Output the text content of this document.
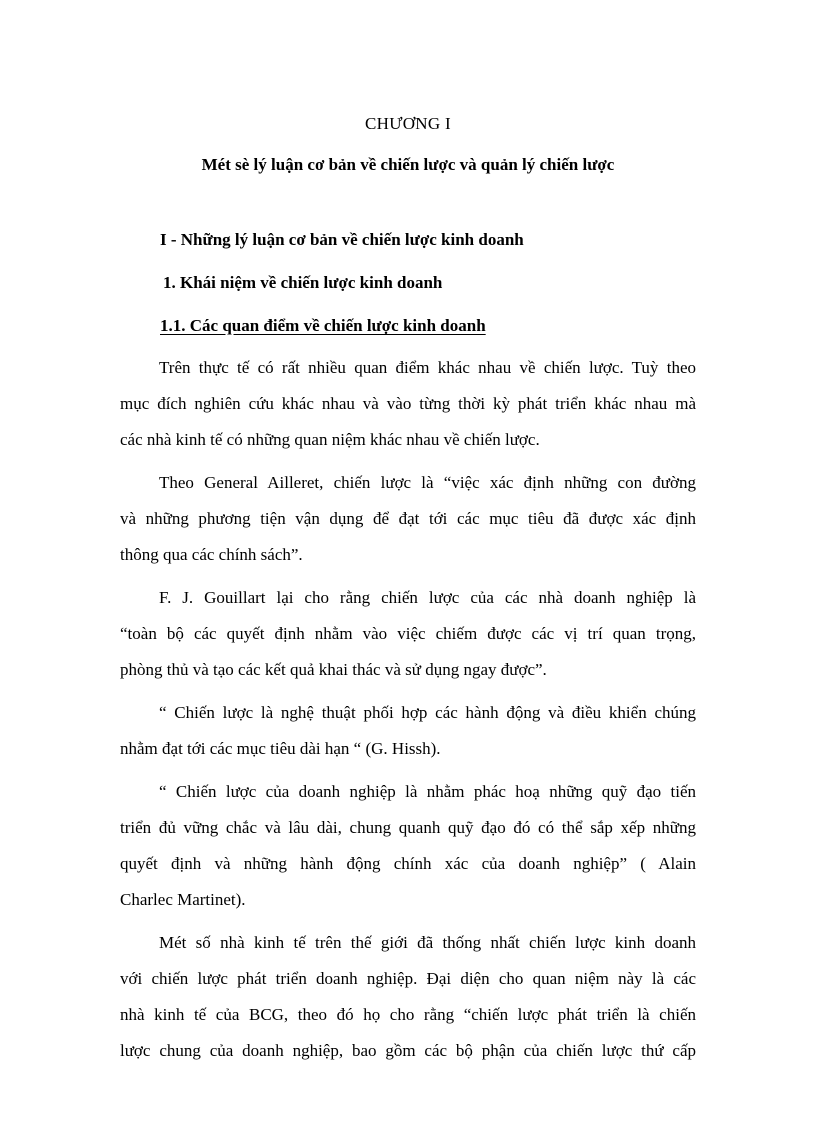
CHƯƠNG I
Mét sè lý luận cơ bản về chiến lược và quản lý chiến lược
I - Những lý luận cơ bản về chiến lược kinh doanh
1. Khái niệm về chiến lược kinh doanh
1.1. Các quan điểm về chiến lược kinh doanh

Trên thực tế có rất nhiều quan điểm khác nhau về chiến lược. Tuỳ theo
mục đích nghiên cứu khác nhau và vào từng thời kỳ phát triển khác nhau mà
các nhà kinh tế có những quan niệm khác nhau về chiến lược.

Theo General Ailleret, chiến lược là “việc xác định những con đường
và những phương tiện vận dụng để đạt tới các mục tiêu đã được xác định
thông qua các chính sách”.

F. J. Gouillart lại cho rằng chiến lược của các nhà doanh nghiệp là
“toàn bộ các quyết định nhằm vào việc chiếm được các vị trí quan trọng,
phòng thủ và tạo các kết quả khai thác và sử dụng ngay được”.

“ Chiến lược là nghệ thuật phối hợp các hành động và điều khiển chúng
nhằm đạt tới các mục tiêu dài hạn “ (G. Hissh).

“ Chiến lược của doanh nghiệp là nhằm phác hoạ những quỹ đạo tiến
triển đủ vững chắc và lâu dài, chung quanh quỹ đạo đó có thể sắp xếp những
quyết định và những hành động chính xác của doanh nghiệp” ( Alain
Charlec Martinet).

Mét số nhà kinh tế trên thế giới đã thống nhất chiến lược kinh doanh
với chiến lược phát triển doanh nghiệp. Đại diện cho quan niệm này là các
nhà kinh tế của BCG, theo đó họ cho rằng “chiến lược phát triển là chiến
lược chung của doanh nghiệp, bao gồm các bộ phận của chiến lược thứ cấp
